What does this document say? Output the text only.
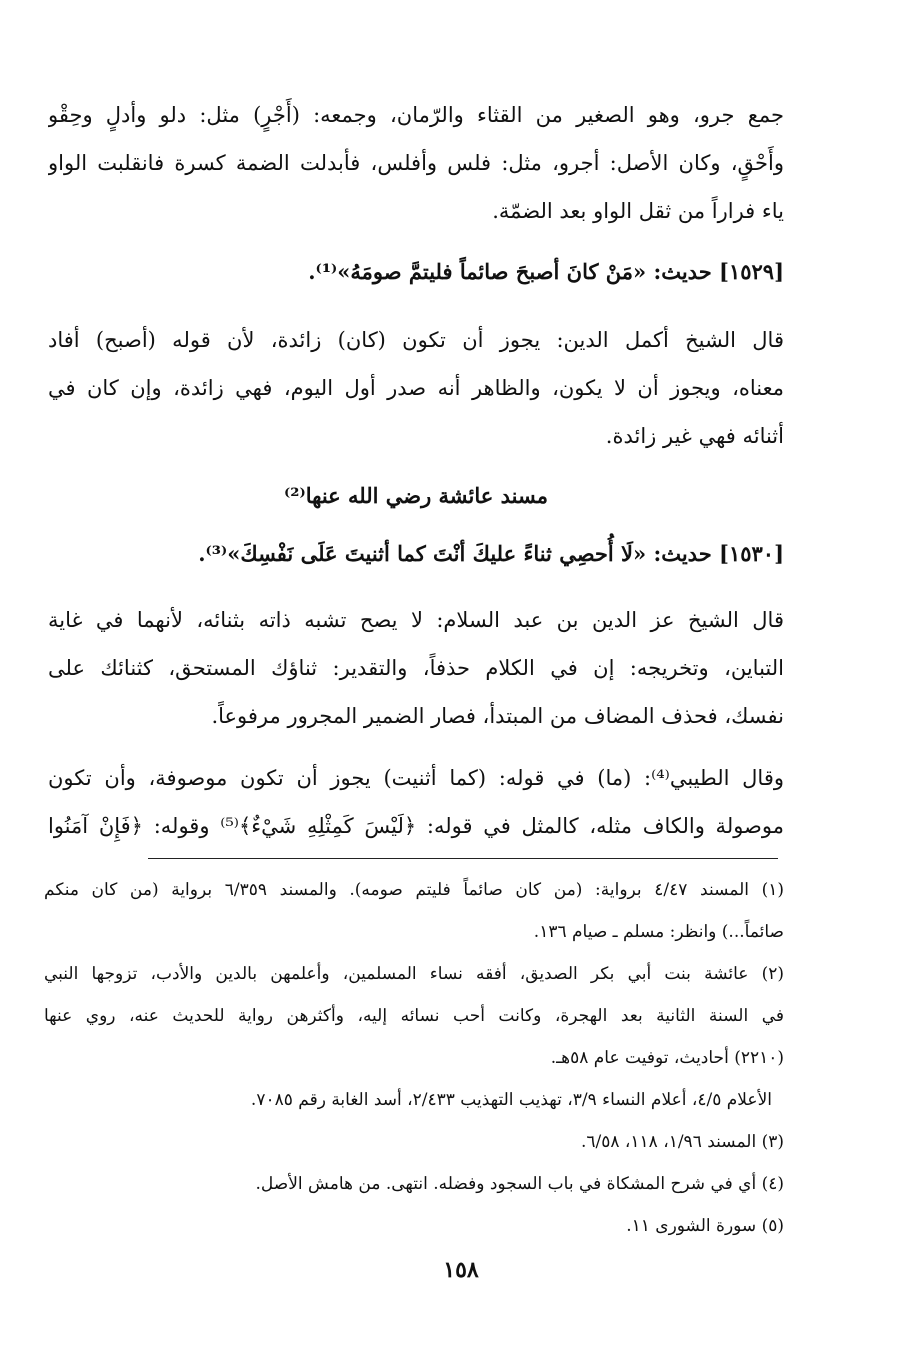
جمع جرو، وهو الصغير من القثاء والرّمان، وجمعه: (أَجْرٍ) مثل: دلو وأدلٍ وحِقْو
وأَحْقٍ، وكان الأصل: أجرو، مثل: فلس وأفلس، فأبدلت الضمة كسرة فانقلبت الواو
ياء فراراً من ثقل الواو بعد الضمّة.
[١٥٢٩] حديث: «مَنْ كانَ أصبحَ صائماً فليتمَّ صومَهُ»⁽¹⁾.
قال الشيخ أكمل الدين: يجوز أن تكون (كان) زائدة، لأن قوله (أصبح) أفاد
معناه، ويجوز أن لا يكون، والظاهر أنه صدر أول اليوم، فهي زائدة، وإن كان في
أثنائه فهي غير زائدة.
مسند عائشة رضي الله عنها⁽²⁾
[١٥٣٠] حديث: «لَا أُحصِي ثناءً عليكَ أنْتَ كما أثنيتَ عَلَى نَفْسِكَ»⁽³⁾.
قال الشيخ عز الدين بن عبد السلام: لا يصح تشبه ذاته بثنائه، لأنهما في غاية
التباين، وتخريجه: إن في الكلام حذفاً، والتقدير: ثناؤك المستحق، كثنائك على
نفسك، فحذف المضاف من المبتدأ، فصار الضمير المجرور مرفوعاً.
وقال الطيبي⁽⁴⁾: (ما) في قوله: (كما أثنيت) يجوز أن تكون موصوفة، وأن تكون
موصولة والكاف مثله، كالمثل في قوله: ﴿لَيْسَ كَمِثْلِهِ شَيْءٌ﴾⁽⁵⁾ وقوله: ﴿فَإِنْ آمَنُوا
(١) المسند ٤/٤٧ برواية: (من كان صائماً فليتم صومه). والمسند ٦/٣٥٩ برواية (من كان منكم
صائماً...) وانظر: مسلم ـ صيام ١٣٦.
(٢) عائشة بنت أبي بكر الصديق، أفقه نساء المسلمين، وأعلمهن بالدين والأدب، تزوجها النبي
في السنة الثانية بعد الهجرة، وكانت أحب نسائه إليه، وأكثرهن رواية للحديث عنه، روي عنها
(٢٢١٠) أحاديث، توفيت عام ٥٨هـ.
الأعلام ٤/٥، أعلام النساء ٣/٩، تهذيب التهذيب ٢/٤٣٣، أسد الغابة رقم ٧٠٨٥.
(٣) المسند ١/٩٦، ١١٨، ٦/٥٨.
(٤) أي في شرح المشكاة في باب السجود وفضله. انتهى. من هامش الأصل.
(٥) سورة الشورى ١١.
١٥٨
